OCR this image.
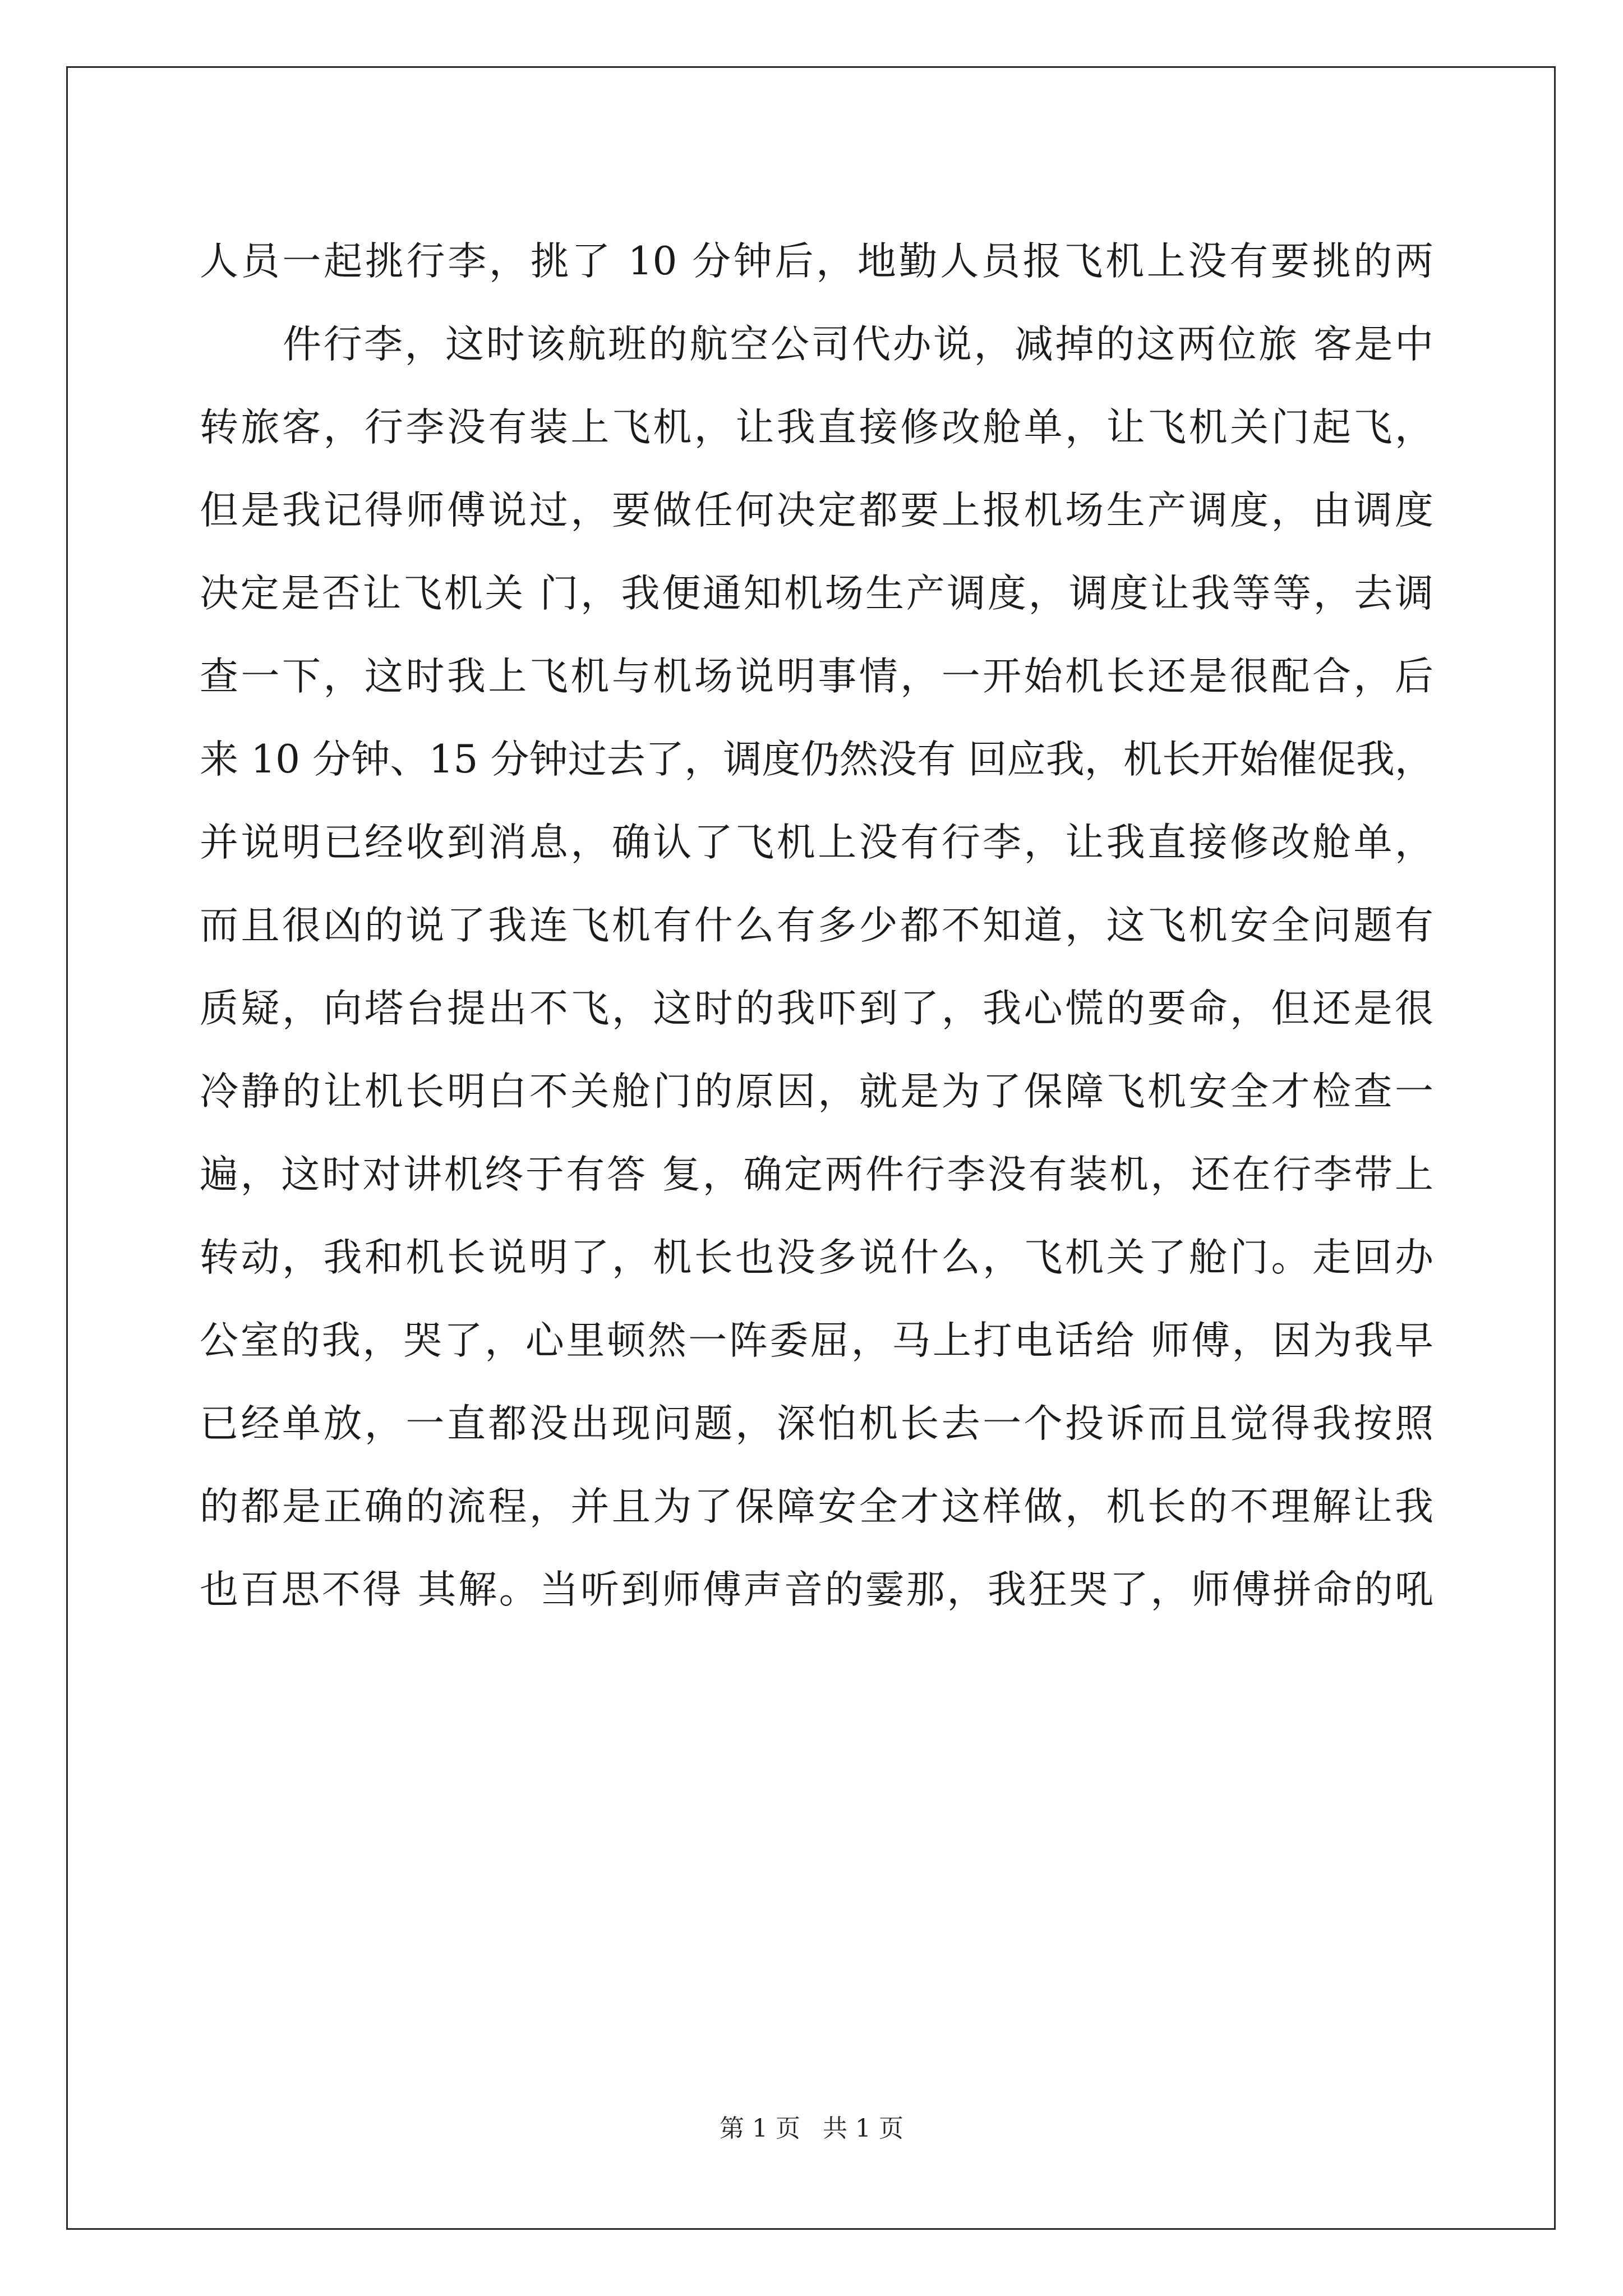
人员一起挑行李，挑了 10 分钟后，地勤人员报飞机上没有要挑的两
件行李，这时该航班的航空公司代办说，减掉的这两位旅 客是中
转旅客，行李没有装上飞机，让我直接修改舱单，让飞机关门起飞，
但是我记得师傅说过，要做任何决定都要上报机场生产调度，由调度
决定是否让飞机关 门，我便通知机场生产调度，调度让我等等，去调
查一下，这时我上飞机与机场说明事情，一开始机长还是很配合，后
来 10 分钟、15 分钟过去了，调度仍然没有 回应我，机长开始催促我，
并说明已经收到消息，确认了飞机上没有行李，让我直接修改舱单，
而且很凶的说了我连飞机有什么有多少都不知道，这飞机安全问题有
质疑，向塔台提出不飞，这时的我吓到了，我心慌的要命，但还是很
冷静的让机长明白不关舱门的原因，就是为了保障飞机安全才检查一
遍，这时对讲机终于有答 复，确定两件行李没有装机，还在行李带上
转动，我和机长说明了，机长也没多说什么，飞机关了舱门。走回办
公室的我，哭了，心里顿然一阵委屈，马上打电话给 师傅，因为我早
已经单放，一直都没出现问题，深怕机长去一个投诉而且觉得我按照
的都是正确的流程，并且为了保障安全才这样做，机长的不理解让我
也百思不得 其解。当听到师傅声音的霎那，我狂哭了，师傅拼命的吼
第 1 页 共 1 页
